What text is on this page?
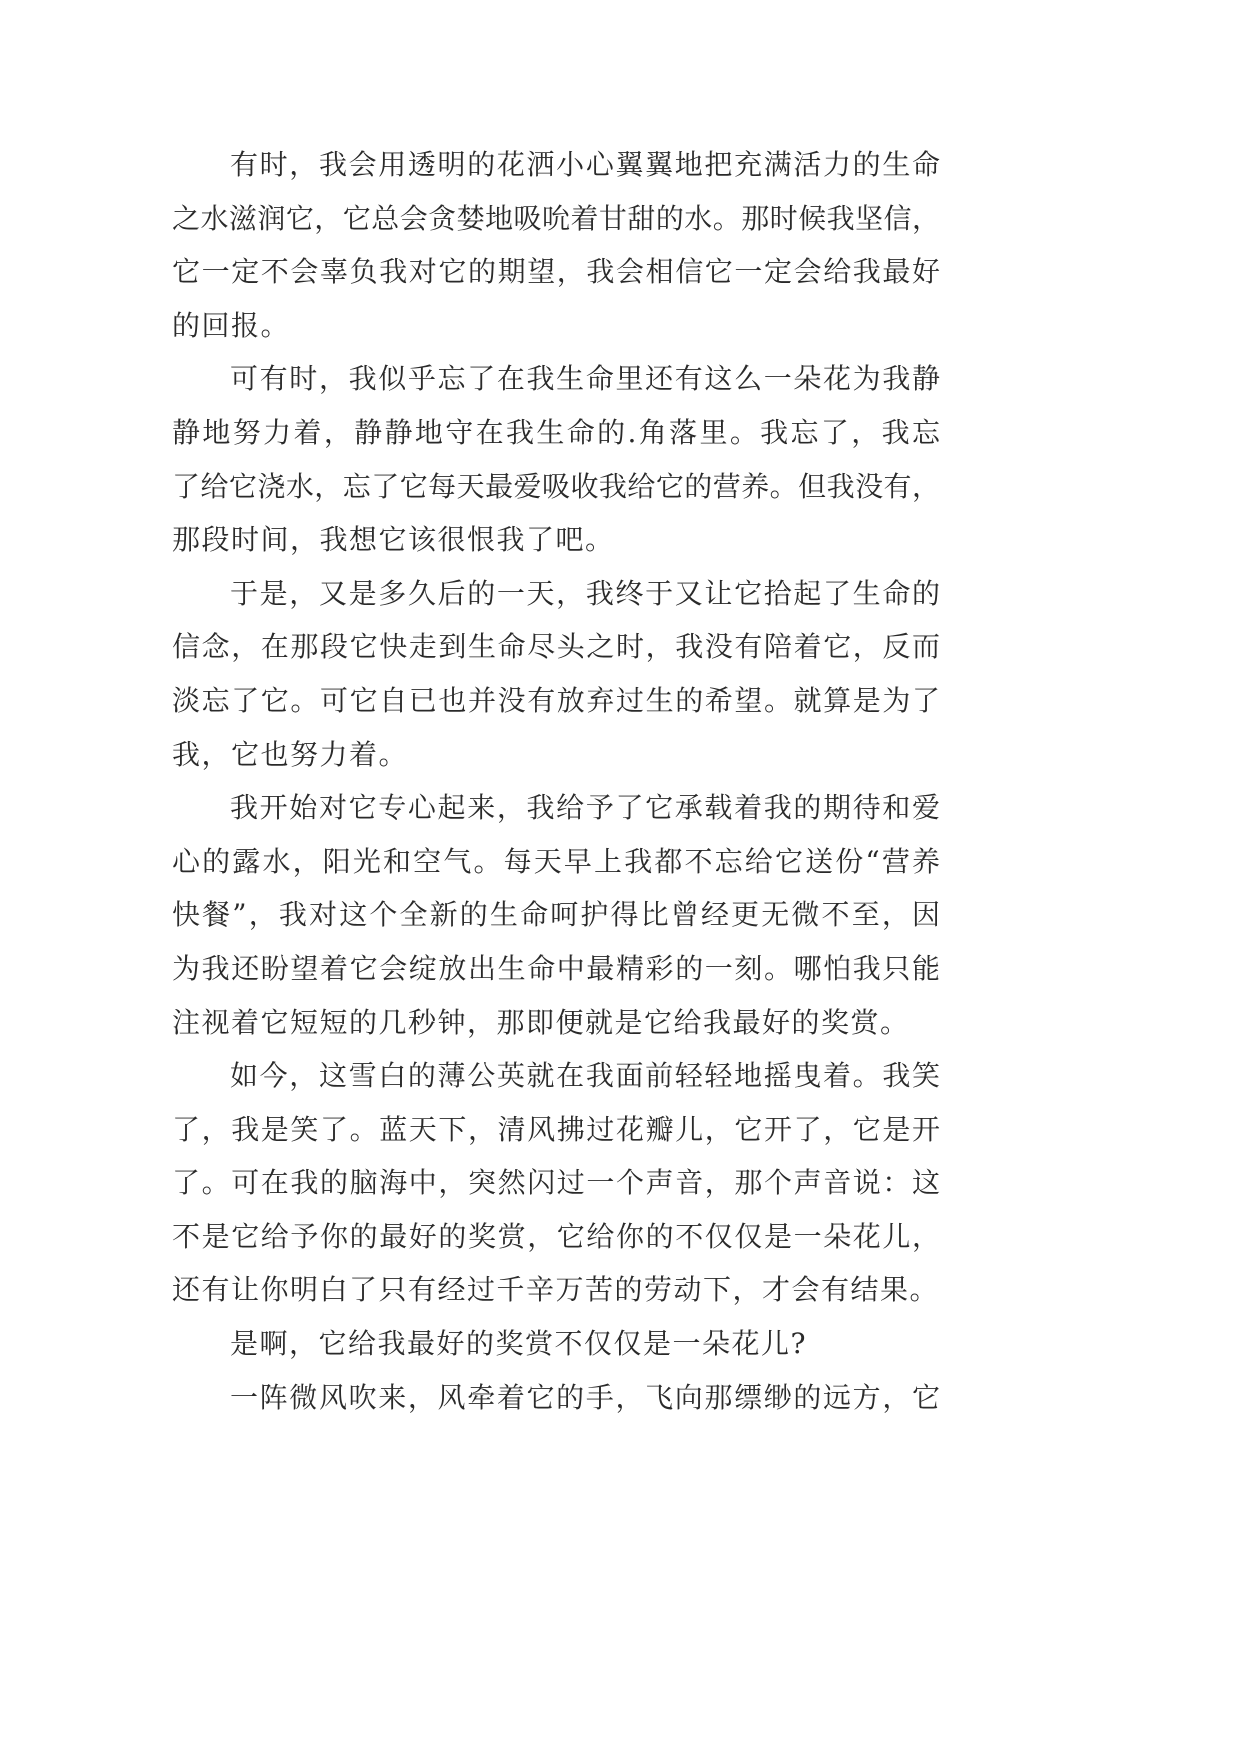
有时，我会用透明的花洒小心翼翼地把充满活力的生命
之水滋润它，它总会贪婪地吸吮着甘甜的水。那时候我坚信，
它一定不会辜负我对它的期望，我会相信它一定会给我最好
的回报。
可有时，我似乎忘了在我生命里还有这么一朵花为我静
静地努力着，静静地守在我生命的.角落里。我忘了，我忘
了给它浇水，忘了它每天最爱吸收我给它的营养。但我没有，
那段时间，我想它该很恨我了吧。
于是，又是多久后的一天，我终于又让它拾起了生命的
信念，在那段它快走到生命尽头之时，我没有陪着它，反而
淡忘了它。可它自已也并没有放弃过生的希望。就算是为了
我，它也努力着。
我开始对它专心起来，我给予了它承载着我的期待和爱
心的露水，阳光和空气。每天早上我都不忘给它送份“营养
快餐”，我对这个全新的生命呵护得比曾经更无微不至，因
为我还盼望着它会绽放出生命中最精彩的一刻。哪怕我只能
注视着它短短的几秒钟，那即便就是它给我最好的奖赏。
如今，这雪白的薄公英就在我面前轻轻地摇曳着。我笑
了，我是笑了。蓝天下，清风拂过花瓣儿，它开了，它是开
了。可在我的脑海中，突然闪过一个声音，那个声音说：这
不是它给予你的最好的奖赏，它给你的不仅仅是一朵花儿，
还有让你明白了只有经过千辛万苦的劳动下，才会有结果。
是啊，它给我最好的奖赏不仅仅是一朵花儿?
一阵微风吹来，风牵着它的手，飞向那缥缈的远方，它
